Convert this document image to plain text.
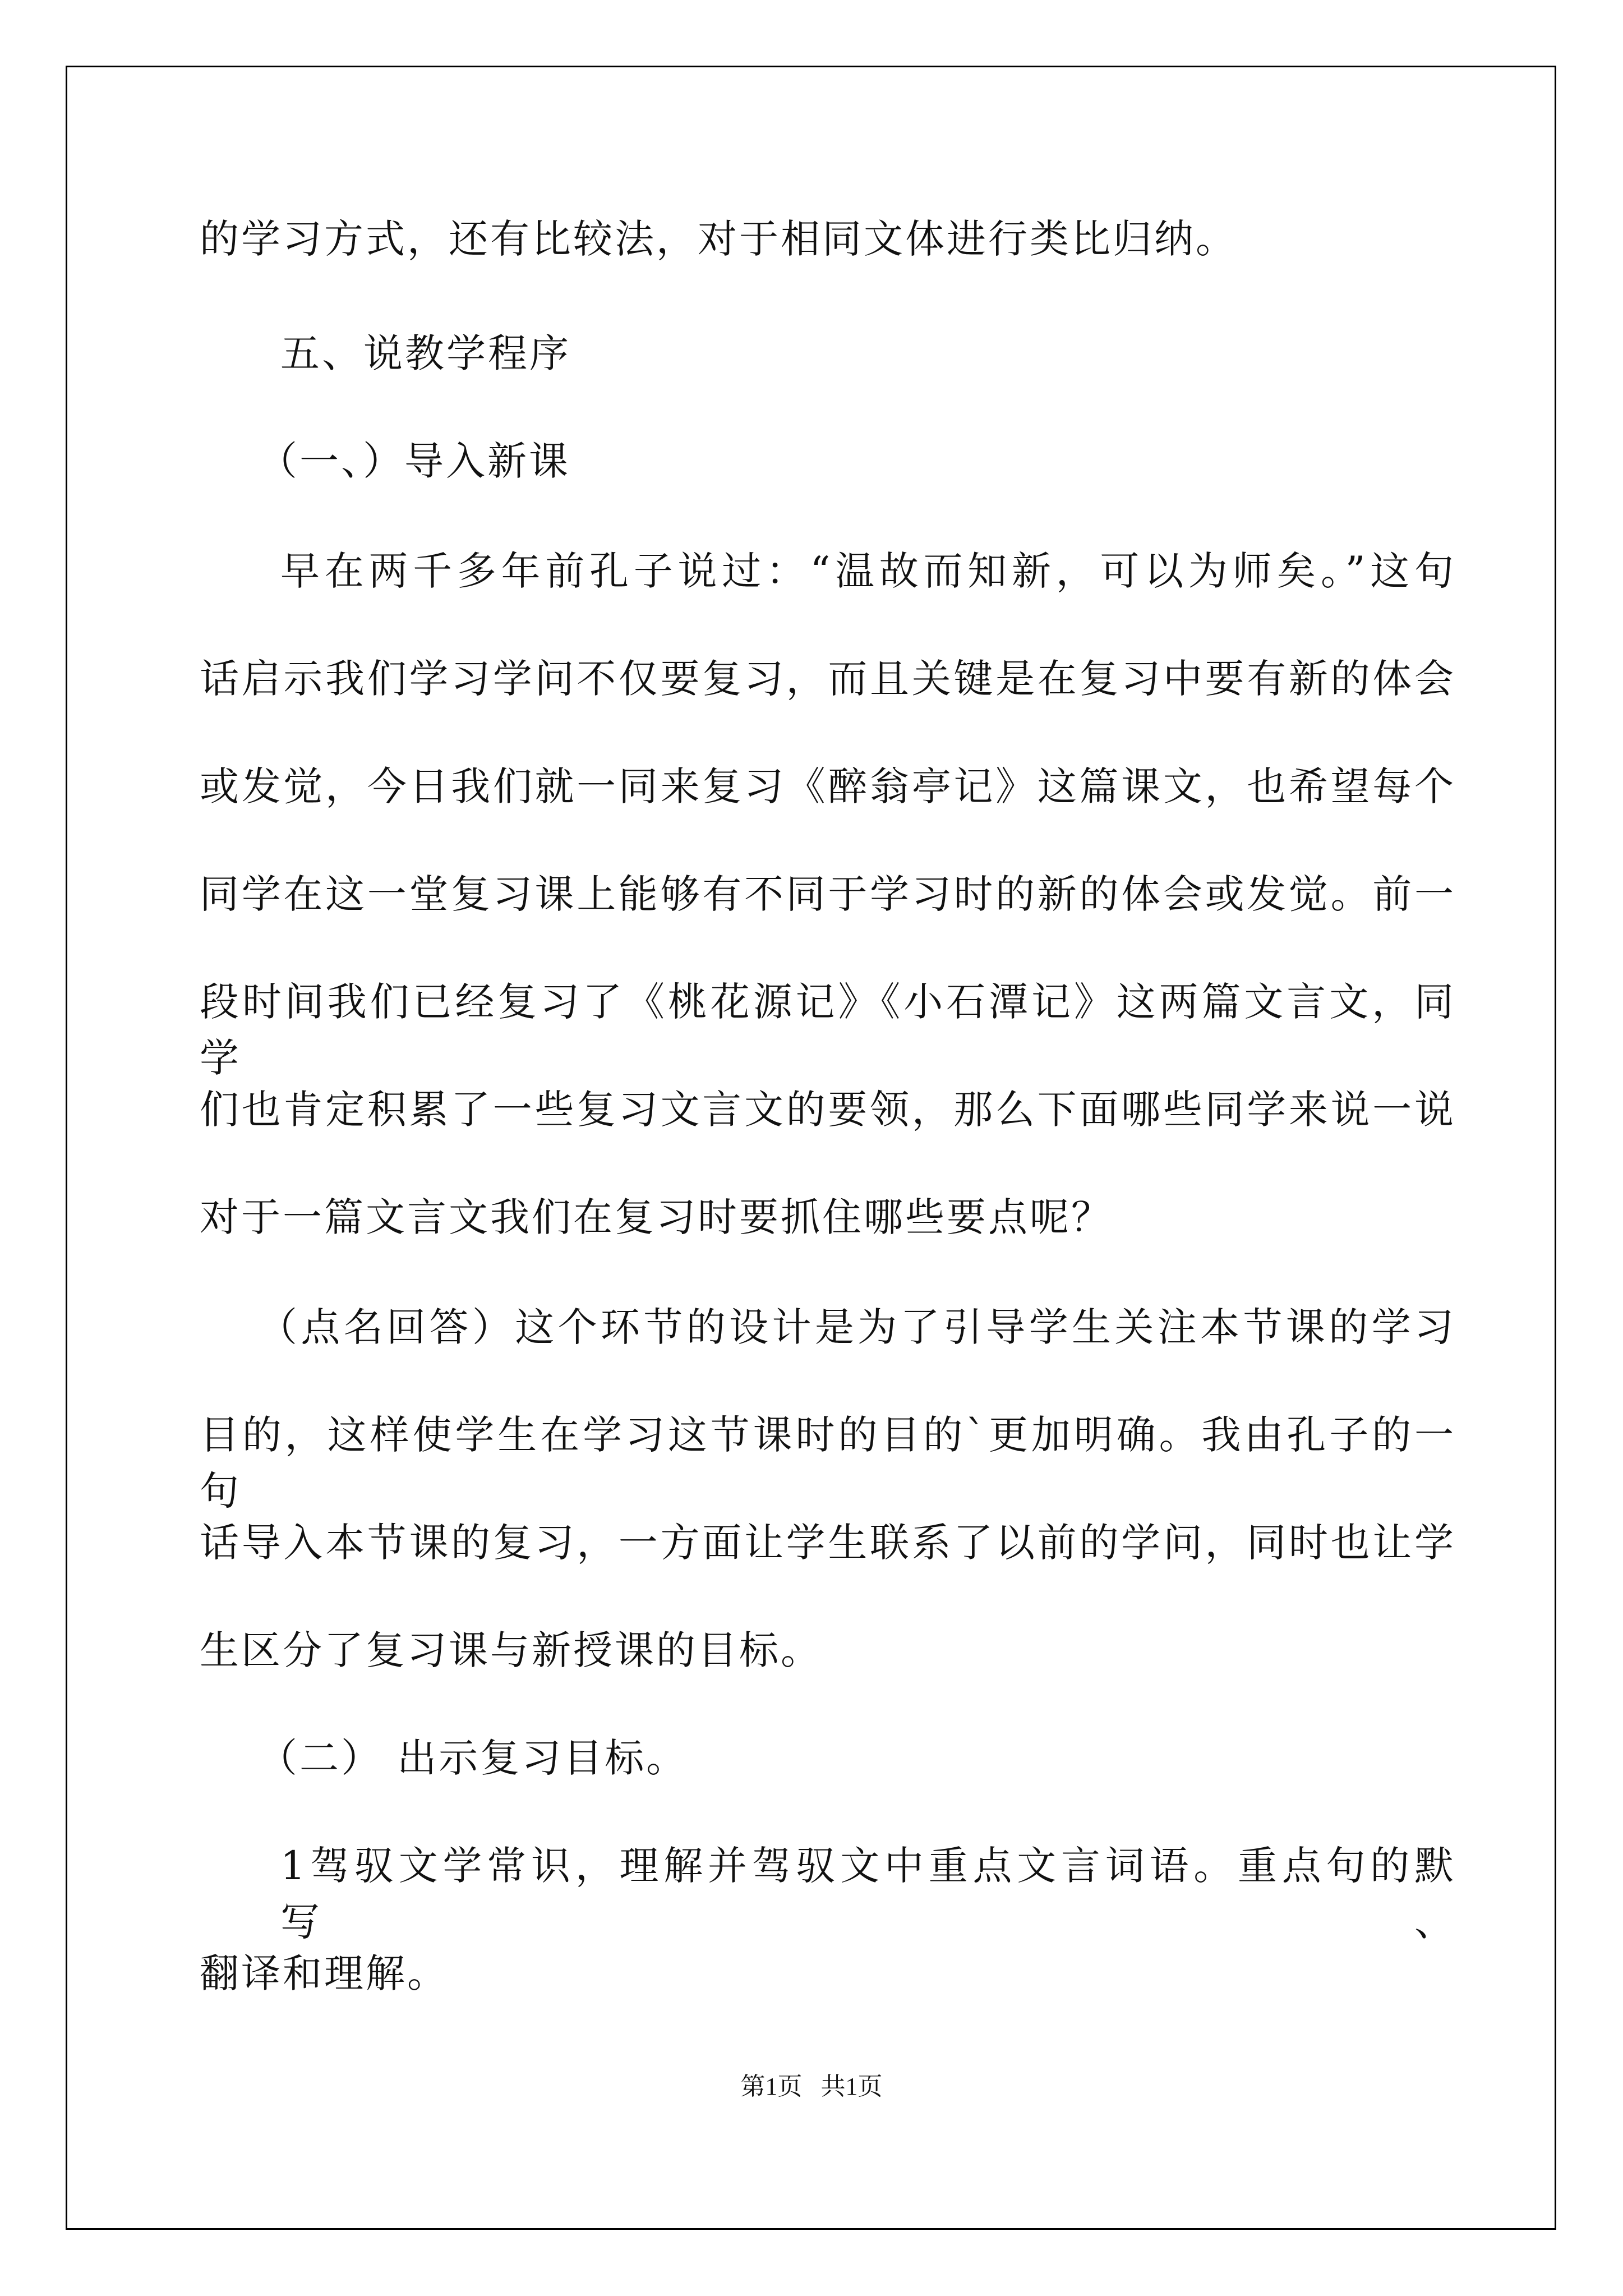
的学习方式，还有比较法，对于相同文体进行类比归纳。

五、说教学程序

（一、）导入新课

早在两千多年前孔子说过：“温故而知新，可以为师矣。”这句

话启示我们学习学问不仅要复习，而且关键是在复习中要有新的体会

或发觉，今日我们就一同来复习《醉翁亭记》这篇课文，也希望每个

同学在这一堂复习课上能够有不同于学习时的新的体会或发觉。前一

段时间我们已经复习了《桃花源记》《小石潭记》这两篇文言文，同学

们也肯定积累了一些复习文言文的要领，那么下面哪些同学来说一说

对于一篇文言文我们在复习时要抓住哪些要点呢？

（点名回答）这个环节的设计是为了引导学生关注本节课的学习

目的，这样使学生在学习这节课时的目的`更加明确。我由孔子的一句

话导入本节课的复习，一方面让学生联系了以前的学问，同时也让学

生区分了复习课与新授课的目标。

（二） 出示复习目标。

1驾驭文学常识，理解并驾驭文中重点文言词语。重点句的默写、

翻译和理解。

第1页   共1页
